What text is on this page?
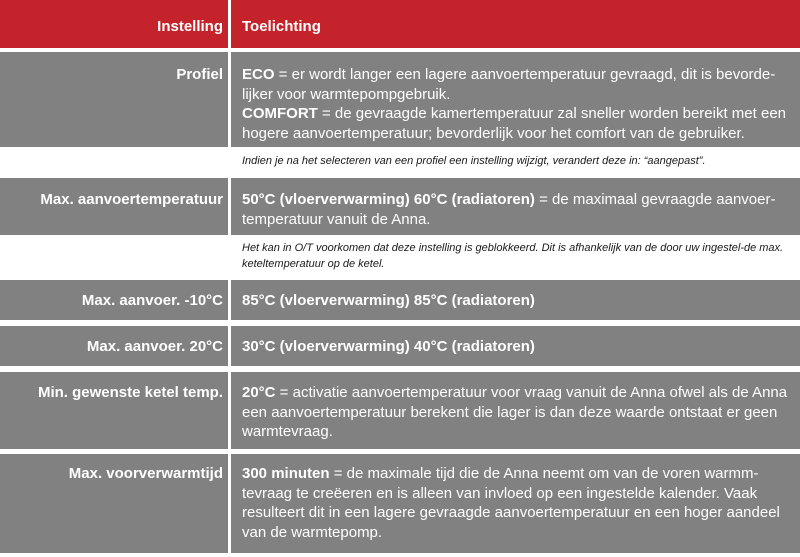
Instelling	Toelichting
Profiel	ECO = er wordt langer een lagere aanvoertemperatuur gevraagd, dit is bevorde-lijker voor warmtepompgebruik.
COMFORT = de gevraagde kamertemperatuur zal sneller worden bereikt met een hogere aanvoertemperatuur; bevorderlijk voor het comfort van de gebruiker.
Indien je na het selecteren van een profiel een instelling wijzigt, verandert deze in: “aangepast”.
Max. aanvoertemperatuur	50°C (vloerverwarming) 60°C (radiatoren) = de maximaal gevraagde aanvoer-temperatuur vanuit de Anna.
Het kan in O/T voorkomen dat deze instelling is geblokkeerd. Dit is afhankelijk van de door uw ingestel-de max. keteltemperatuur op de ketel.
Max. aanvoer. -10°C	85°C (vloerverwarming) 85°C (radiatoren)
Max. aanvoer. 20°C	30°C (vloerverwarming) 40°C (radiatoren)
Min. gewenste ketel temp.	20°C = activatie aanvoertemperatuur voor vraag vanuit de Anna ofwel als de Anna een aanvoertemperatuur berekent die lager is dan deze waarde ontstaat er geen warmtevraag.
Max. voorverwarmtijd	300 minuten = de maximale tijd die de Anna neemt om van de voren warmm-tevraag te creëeren en is alleen van invloed op een ingestelde kalender. Vaak resulteert dit in een lagere gevraagde aanvoertemperatuur en een hoger aandeel van de warmtepomp.
